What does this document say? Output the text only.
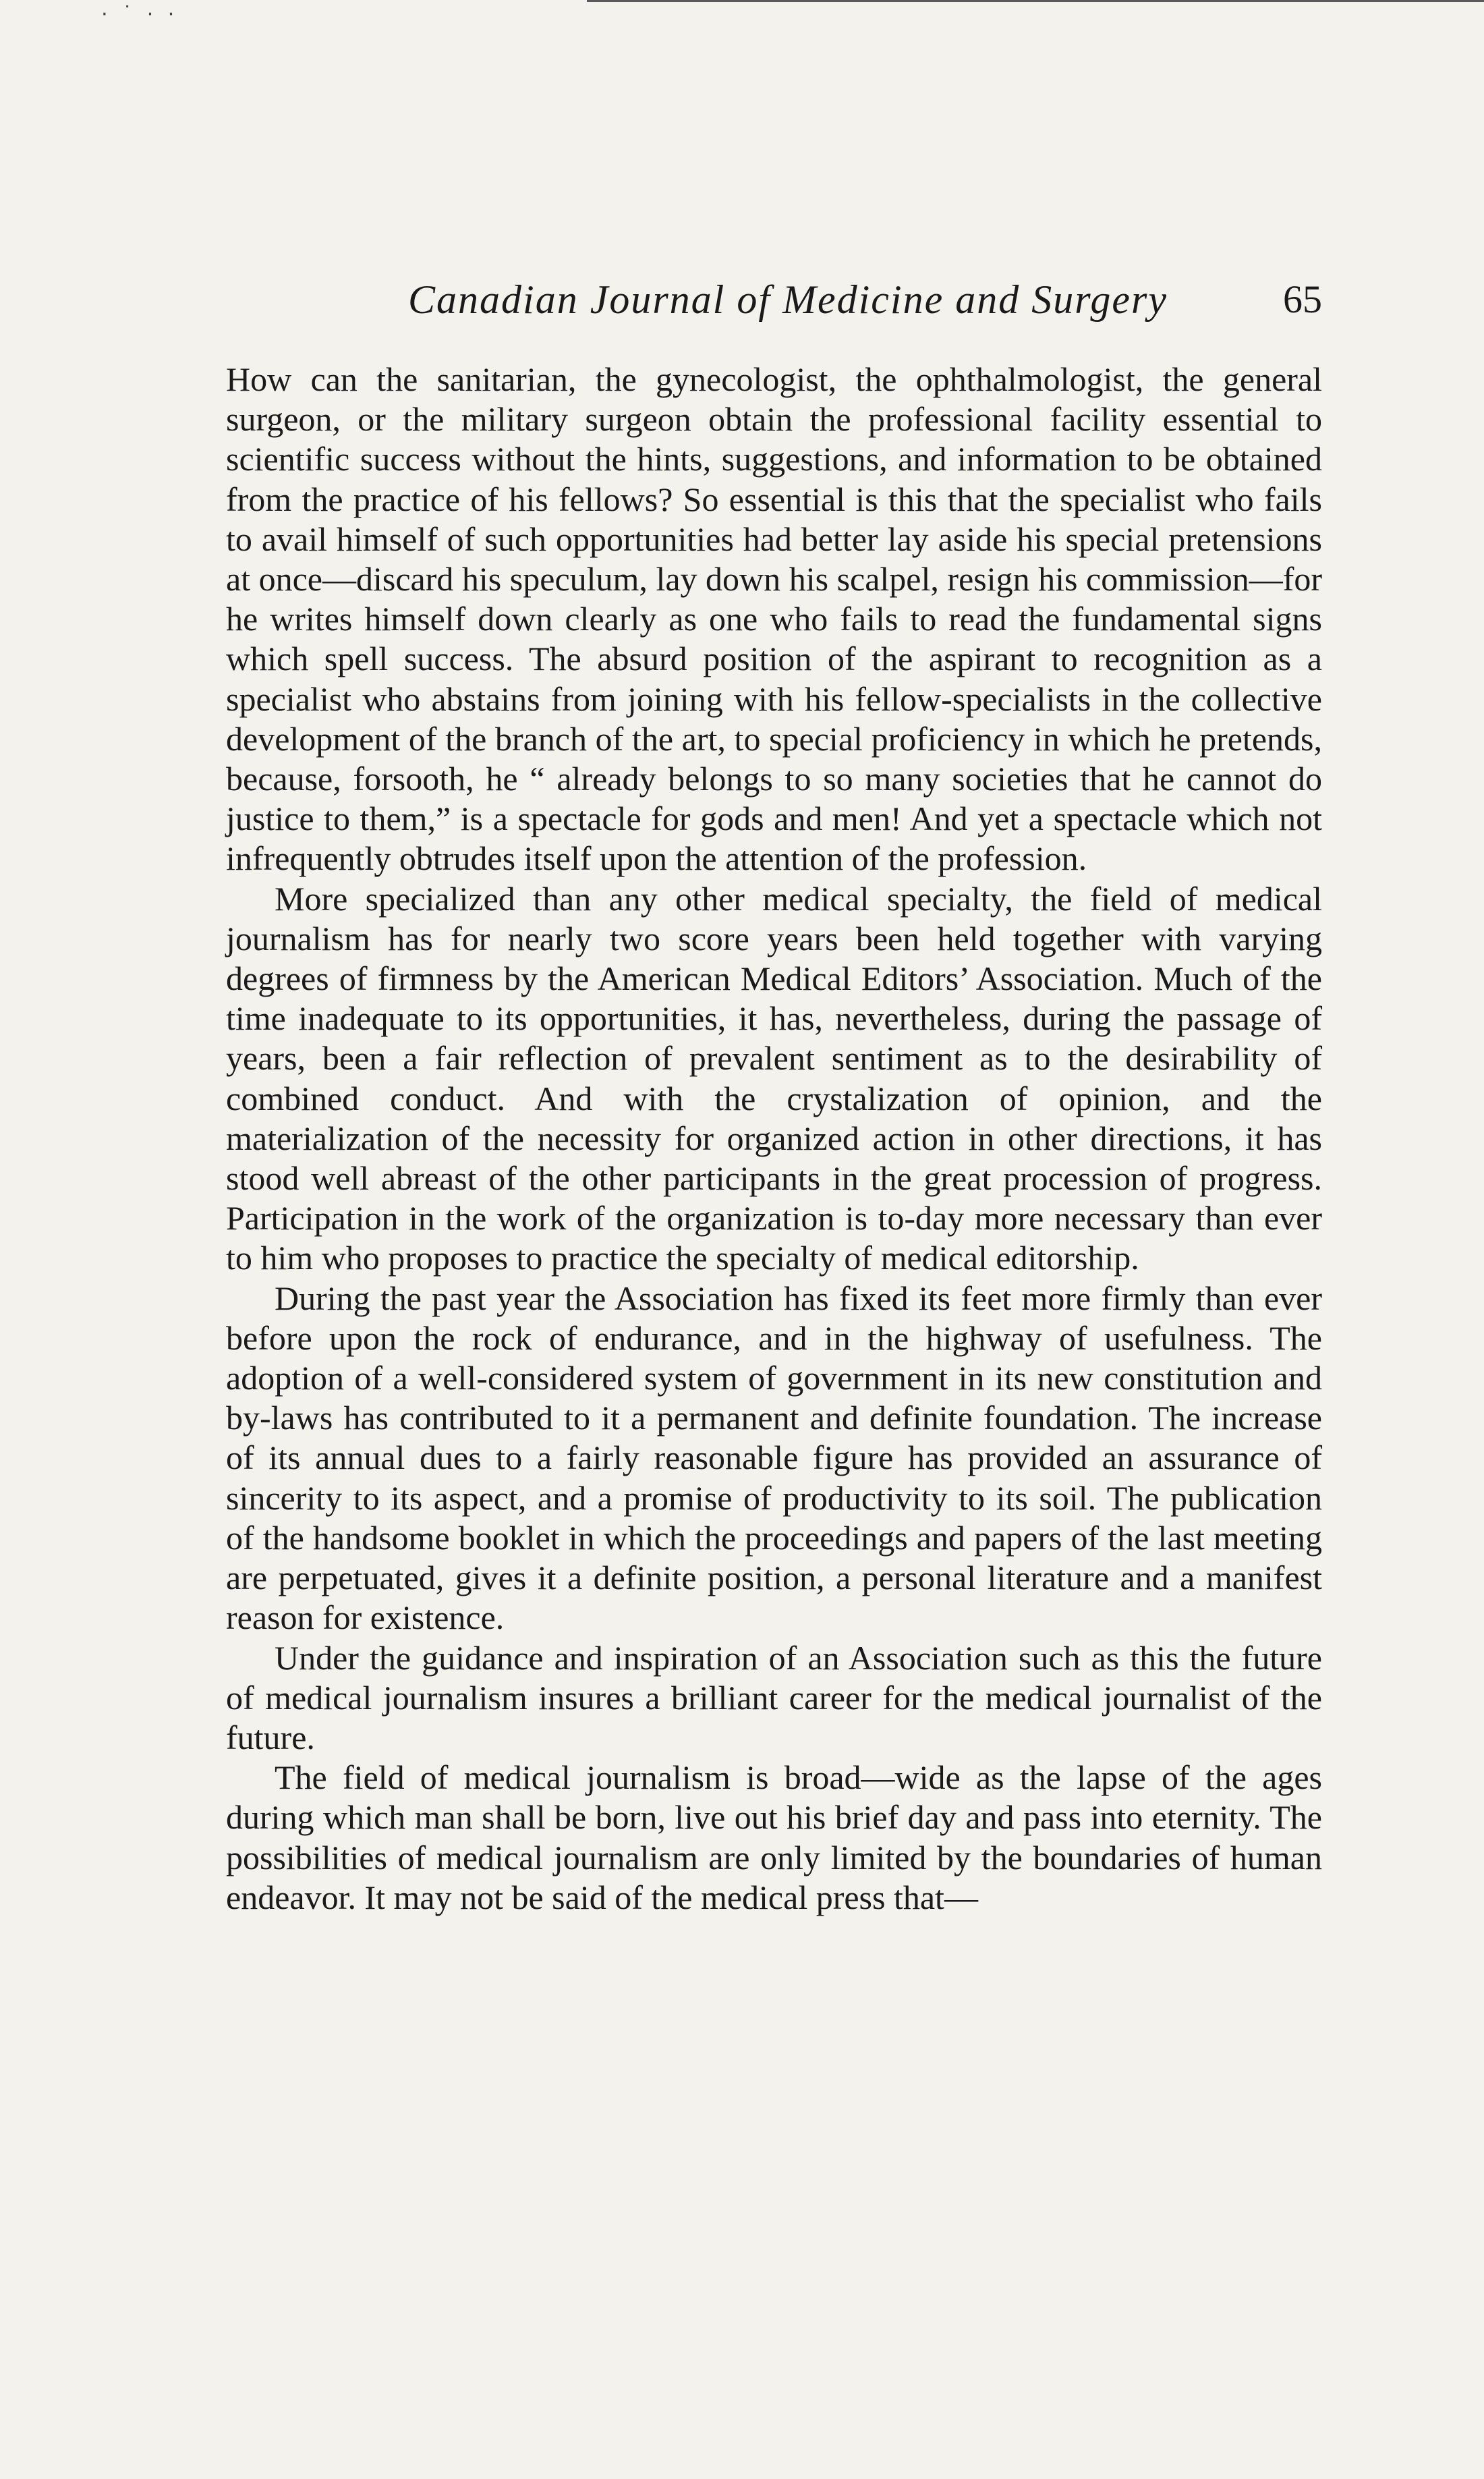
⋅ ˙ ⋅ ⋅
Canadian Journal of Medicine and Surgery	65

How can the sanitarian, the gynecologist, the ophthalmologist, the general surgeon, or the military surgeon obtain the professional facility essential to scientific success without the hints, suggestions, and information to be obtained from the practice of his fellows? So essential is this that the specialist who fails to avail himself of such opportunities had better lay aside his special pretensions at once—discard his speculum, lay down his scalpel, resign his commission—for he writes himself down clearly as one who fails to read the fundamental signs which spell success. The absurd position of the aspirant to recognition as a specialist who abstains from joining with his fellow-specialists in the collective development of the branch of the art, to special proficiency in which he pretends, because, forsooth, he “ already belongs to so many societies that he cannot do justice to them,” is a spectacle for gods and men! And yet a spectacle which not infrequently obtrudes itself upon the attention of the profession.

More specialized than any other medical specialty, the field of medical journalism has for nearly two score years been held together with varying degrees of firmness by the American Medical Editors’ Association. Much of the time inadequate to its opportunities, it has, nevertheless, during the passage of years, been a fair reflection of prevalent sentiment as to the desirability of combined conduct. And with the crystalization of opinion, and the materialization of the necessity for organized action in other directions, it has stood well abreast of the other participants in the great procession of progress. Participation in the work of the organization is to-day more necessary than ever to him who proposes to practice the specialty of medical editorship.

During the past year the Association has fixed its feet more firmly than ever before upon the rock of endurance, and in the highway of usefulness. The adoption of a well-considered system of government in its new constitution and by-laws has contributed to it a permanent and definite foundation. The increase of its annual dues to a fairly reasonable figure has provided an assurance of sincerity to its aspect, and a promise of productivity to its soil. The publication of the handsome booklet in which the proceedings and papers of the last meeting are perpetuated, gives it a definite position, a personal literature and a manifest reason for existence.

Under the guidance and inspiration of an Association such as this the future of medical journalism insures a brilliant career for the medical journalist of the future.

The field of medical journalism is broad—wide as the lapse of the ages during which man shall be born, live out his brief day and pass into eternity. The possibilities of medical journalism are only limited by the boundaries of human endeavor. It may not be said of the medical press that—
